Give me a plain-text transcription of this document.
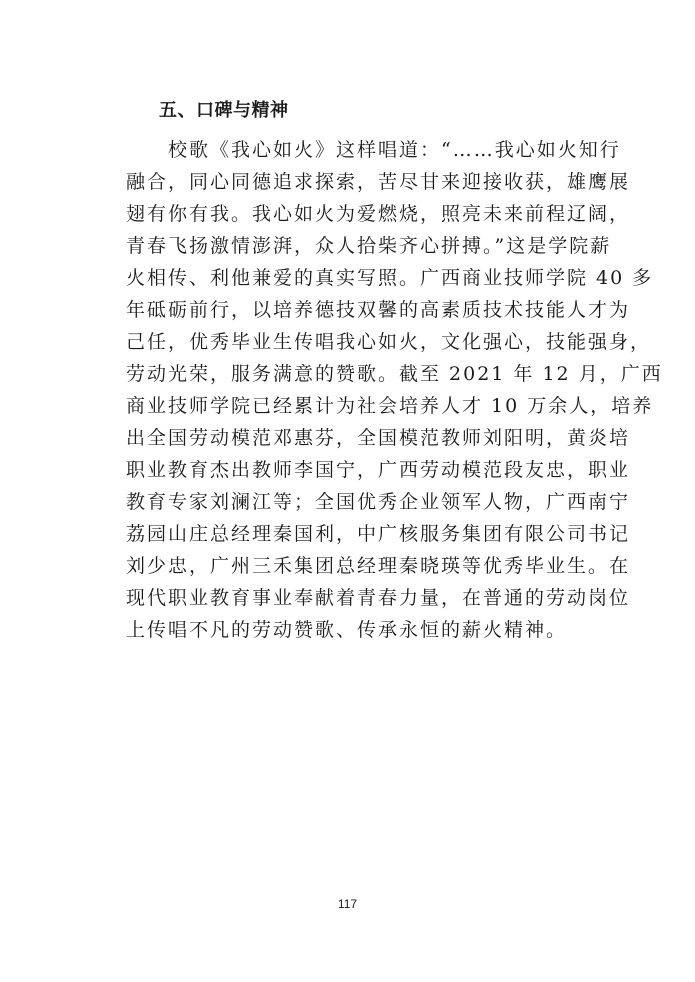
五、口碑与精神
　　校歌《我心如火》这样唱道：“……我心如火知行
融合，同心同德追求探索，苦尽甘来迎接收获，雄鹰展
翅有你有我。我心如火为爱燃烧，照亮未来前程辽阔，
青春飞扬激情澎湃，众人拾柴齐心拼搏。”这是学院薪
火相传、利他兼爱的真实写照。广西商业技师学院 40 多
年砥砺前行，以培养德技双馨的高素质技术技能人才为
己任，优秀毕业生传唱我心如火，文化强心，技能强身，
劳动光荣，服务满意的赞歌。截至 2021 年 12 月，广西
商业技师学院已经累计为社会培养人才 10 万余人，培养
出全国劳动模范邓惠芬，全国模范教师刘阳明，黄炎培
职业教育杰出教师李国宁，广西劳动模范段友忠，职业
教育专家刘澜江等；全国优秀企业领军人物，广西南宁
荔园山庄总经理秦国利，中广核服务集团有限公司书记
刘少忠，广州三禾集团总经理秦晓瑛等优秀毕业生。在
现代职业教育事业奉献着青春力量，在普通的劳动岗位
上传唱不凡的劳动赞歌、传承永恒的薪火精神。
117
